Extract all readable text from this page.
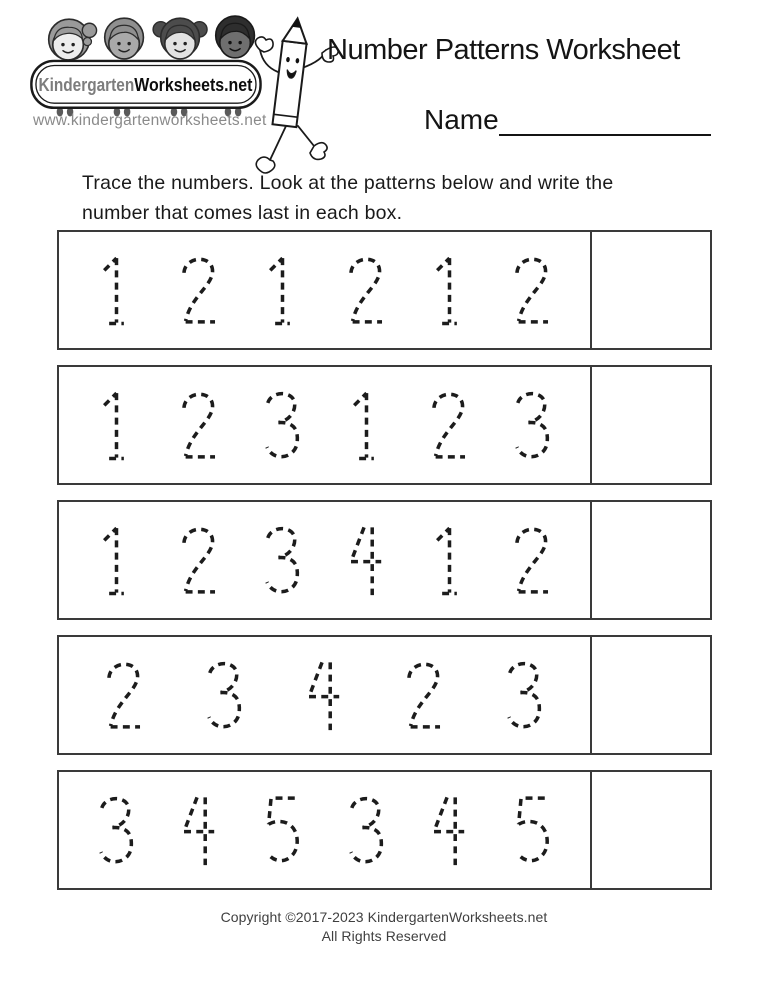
KindergartenWorksheets.net
www.kindergartenworksheets.net
Number Patterns Worksheet
Name

Trace the numbers. Look at the patterns below and write the number that comes last in each box.

Copyright ©2017-2023 KindergartenWorksheets.net
All Rights Reserved
